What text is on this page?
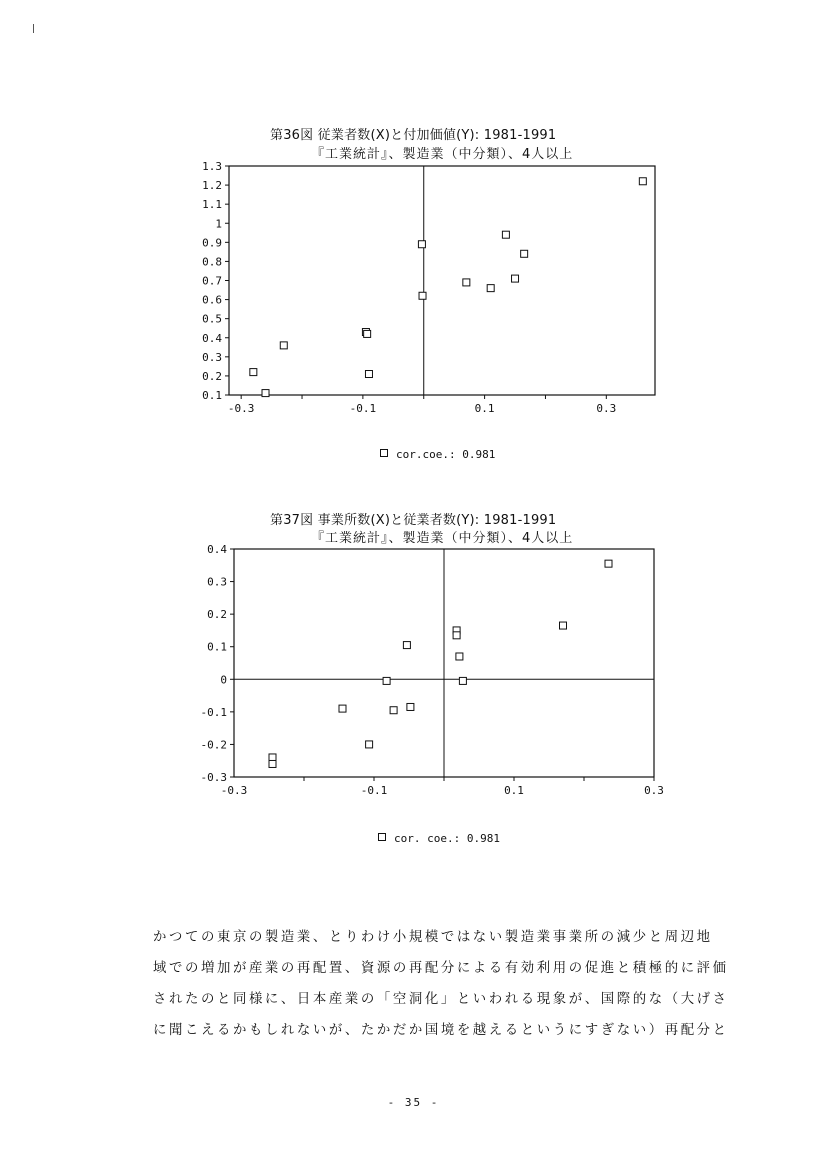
第36図 従業者数(X)と付加価値(Y): 1981-1991
『工業統計』、製造業（中分類）、4人以上
0.1
0.2
0.3
0.4
0.5
0.6
0.7
0.8
0.9
1
1.1
1.2
1.3
-0.3	-0.1	0.1	0.3
cor.coe.: 0.981
第37図 事業所数(X)と従業者数(Y): 1981-1991
『工業統計』、製造業（中分類）、4人以上
-0.3
-0.2
-0.1
0
0.1
0.2
0.3
0.4
-0.3	-0.1	0.1	0.3
cor. coe.: 0.981

かつての東京の製造業、とりわけ小規模ではない製造業事業所の減少と周辺地

域での増加が産業の再配置、資源の再配分による有効利用の促進と積極的に評価

されたのと同様に、日本産業の「空洞化」といわれる現象が、国際的な（大げさ

に聞こえるかもしれないが、たかだか国境を越えるというにすぎない）再配分と

- 35 -
